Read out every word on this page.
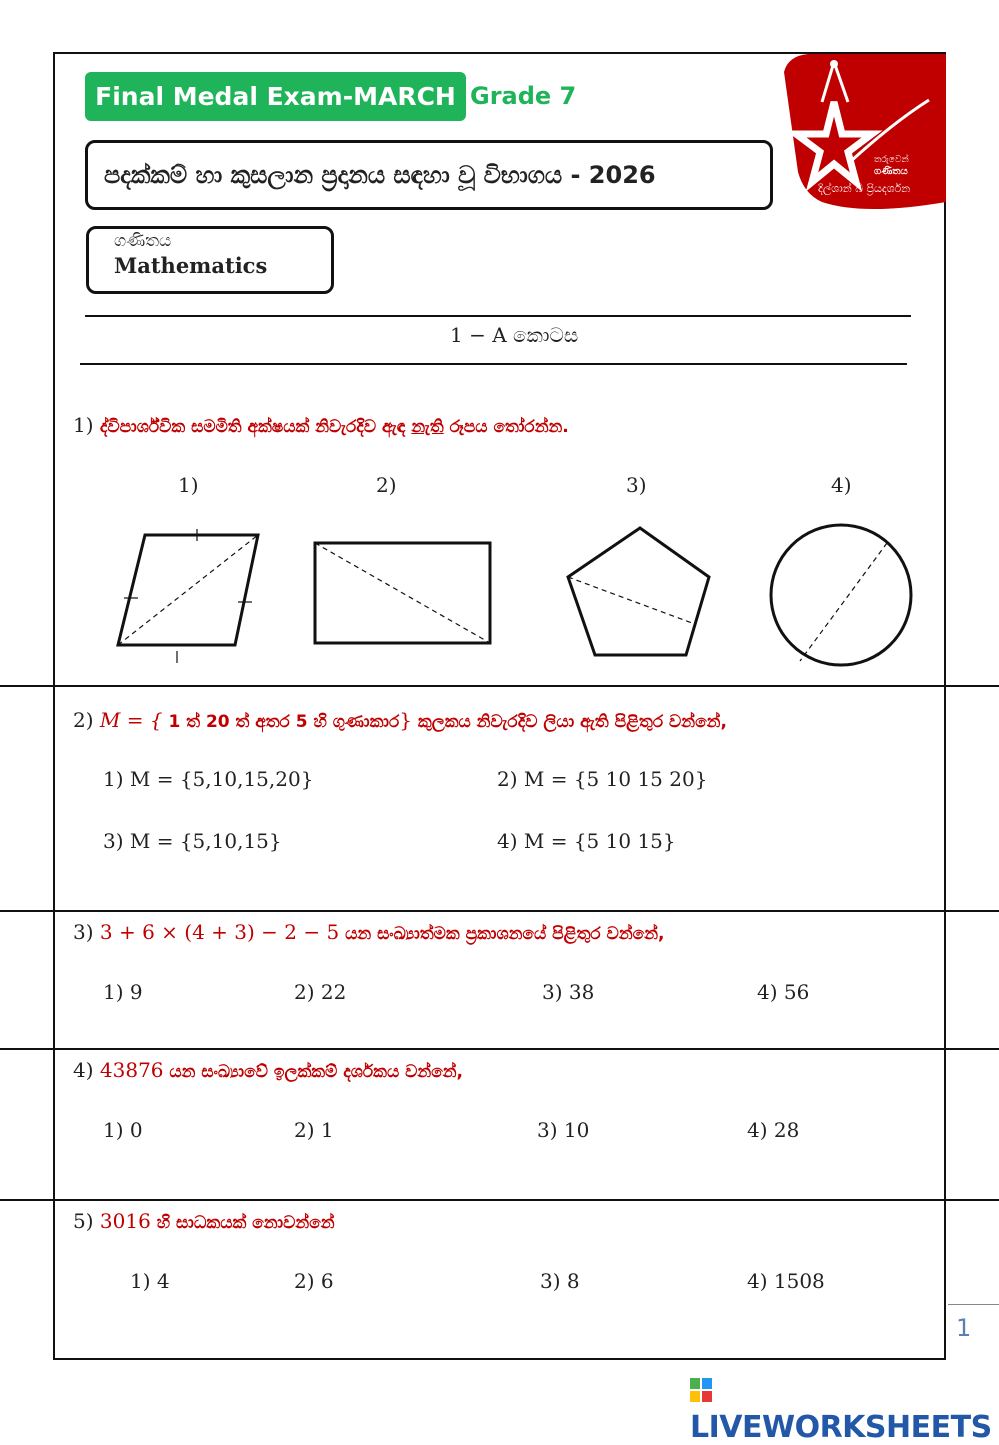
Final Medal Exam-MARCH Grade 7
පදක්කම් හා කුසලාන ප්‍රදානය සඳහා වූ විභාගය - 2026
ගණිතය
Mathematics
තරුවෙන්
ගණිතය
දිල්ශාන් බී ප්‍රියදර්ශන
1 − A කොටස
1) ද්විපාර්ශ්වික සමමිති අක්ෂයක් නිවැරදිව ඇඳ නැති රූපය තෝරන්න.
1)	2)	3)	4)
2) M = { 1 ත් 20 ත් අතර 5 හි ගුණාකාර} කුලකය නිවැරදිව ලියා ඇති පිළිතුර වන්නේ,
1) M = {5,10,15,20}	2) M = {5 10 15 20}
3) M = {5,10,15}	4) M = {5 10 15}
3) 3 + 6 × (4 + 3) − 2 − 5 යන සංඛ්‍යාත්මක ප්‍රකාශනයේ පිළිතුර වන්නේ,
1) 9	2) 22	3) 38	4) 56
4) 43876 යන සංඛ්‍යාවේ ඉලක්කම් දර්ශකය වන්නේ,
1) 0	2) 1	3) 10	4) 28
5) 3016 හි සාධකයක් නොවන්නේ
1) 4	2) 6	3) 8	4) 1508
1
LIVEWORKSHEETS
